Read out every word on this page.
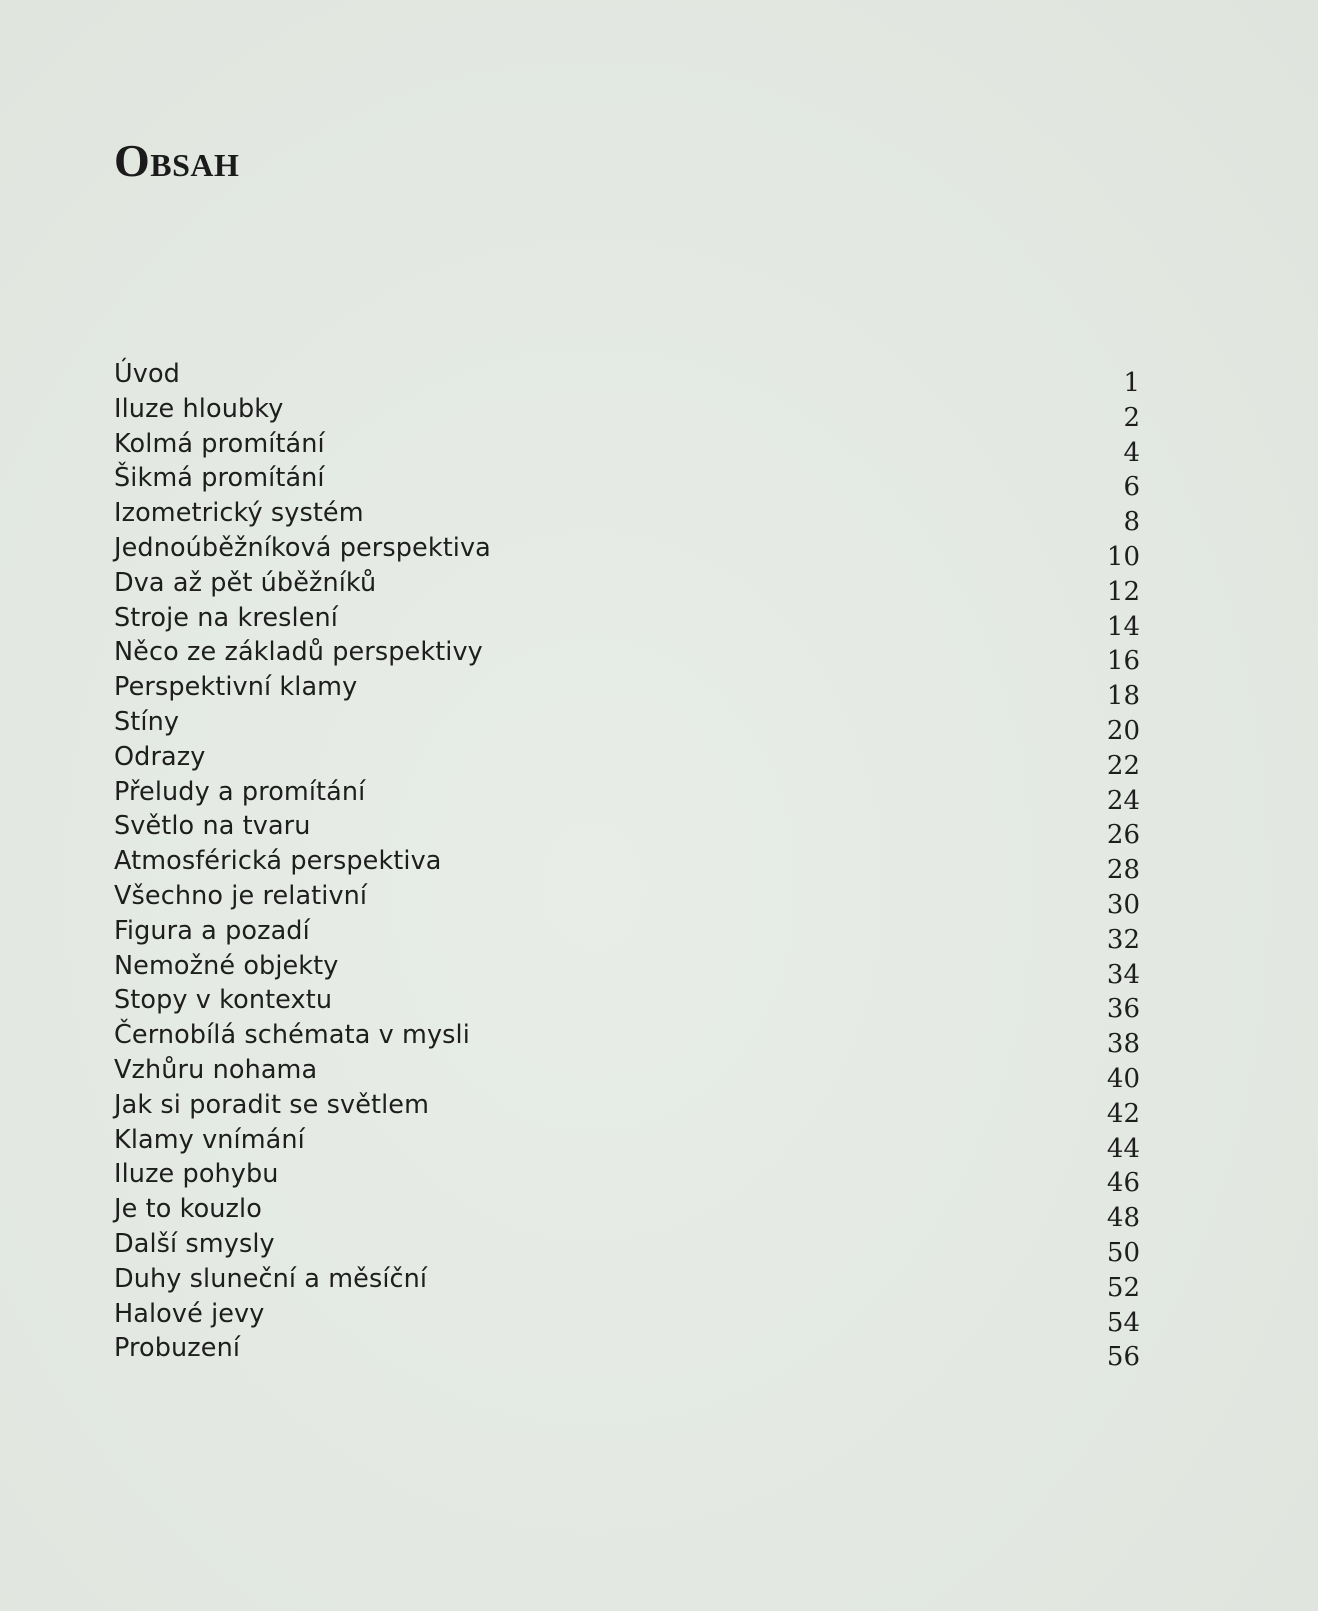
Obsah
Úvod	1
Iluze hloubky	2
Kolmá promítání	4
Šikmá promítání	6
Izometrický systém	8
Jednoúběžníková perspektiva	10
Dva až pět úběžníků	12
Stroje na kreslení	14
Něco ze základů perspektivy	16
Perspektivní klamy	18
Stíny	20
Odrazy	22
Přeludy a promítání	24
Světlo na tvaru	26
Atmosférická perspektiva	28
Všechno je relativní	30
Figura a pozadí	32
Nemožné objekty	34
Stopy v kontextu	36
Černobílá schémata v mysli	38
Vzhůru nohama	40
Jak si poradit se světlem	42
Klamy vnímání	44
Iluze pohybu	46
Je to kouzlo	48
Další smysly	50
Duhy sluneční a měsíční	52
Halové jevy	54
Probuzení	56
